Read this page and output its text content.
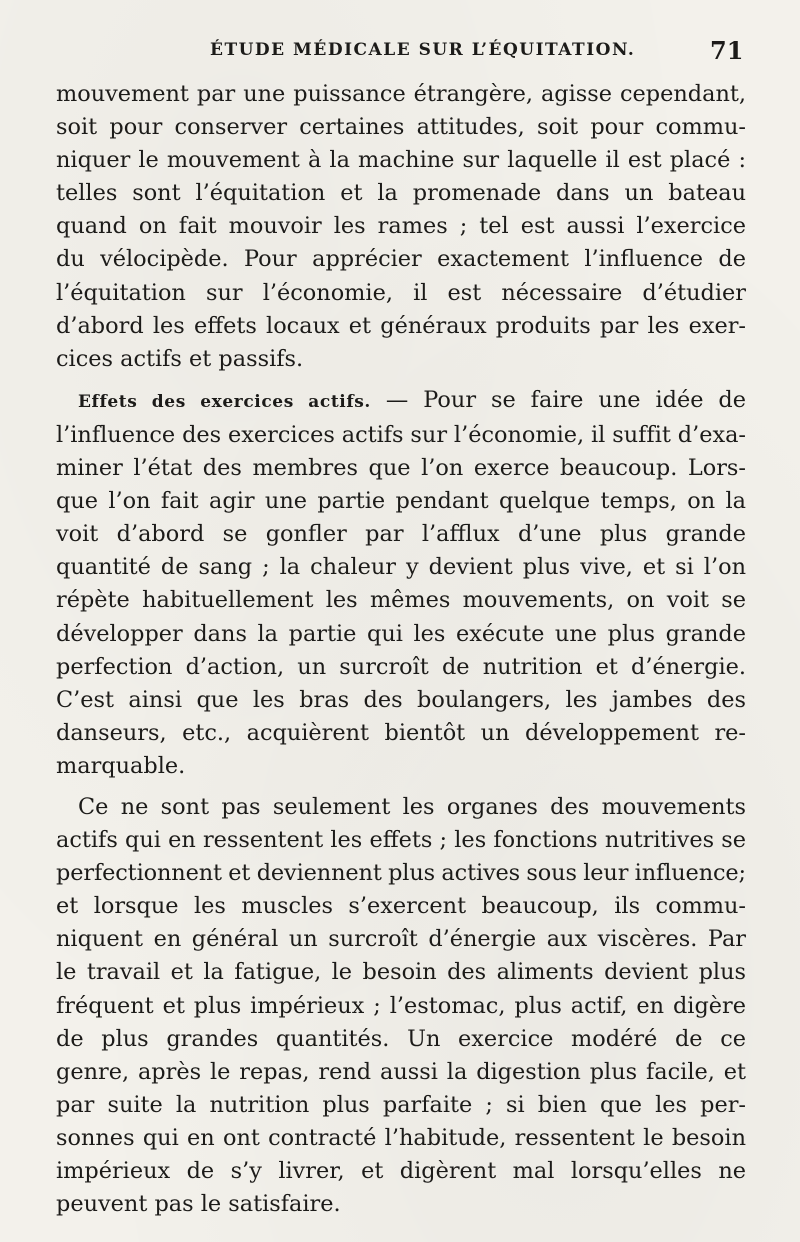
ÉTUDE MÉDICALE SUR L’ÉQUITATION.	71

mouvement par une puissance étrangère, agisse cependant,
soit pour conserver certaines attitudes, soit pour commu-
niquer le mouvement à la machine sur laquelle il est placé :
telles sont l’équitation et la promenade dans un bateau
quand on fait mouvoir les rames ; tel est aussi l’exercice
du vélocipède. Pour apprécier exactement l’influence de
l’équitation sur l’économie, il est nécessaire d’étudier
d’abord les effets locaux et généraux produits par les exer-
cices actifs et passifs.

Effets des exercices actifs. — Pour se faire une idée de
l’influence des exercices actifs sur l’économie, il suffit d’exa-
miner l’état des membres que l’on exerce beaucoup. Lors-
que l’on fait agir une partie pendant quelque temps, on la
voit d’abord se gonfler par l’afflux d’une plus grande
quantité de sang ; la chaleur y devient plus vive, et si l’on
répète habituellement les mêmes mouvements, on voit se
développer dans la partie qui les exécute une plus grande
perfection d’action, un surcroît de nutrition et d’énergie.
C’est ainsi que les bras des boulangers, les jambes des
danseurs, etc., acquièrent bientôt un développement re-
marquable.

Ce ne sont pas seulement les organes des mouvements
actifs qui en ressentent les effets ; les fonctions nutritives se
perfectionnent et deviennent plus actives sous leur influence;
et lorsque les muscles s’exercent beaucoup, ils commu-
niquent en général un surcroît d’énergie aux viscères. Par
le travail et la fatigue, le besoin des aliments devient plus
fréquent et plus impérieux ; l’estomac, plus actif, en digère
de plus grandes quantités. Un exercice modéré de ce
genre, après le repas, rend aussi la digestion plus facile, et
par suite la nutrition plus parfaite ; si bien que les per-
sonnes qui en ont contracté l’habitude, ressentent le besoin
impérieux de s’y livrer, et digèrent mal lorsqu’elles ne
peuvent pas le satisfaire.
